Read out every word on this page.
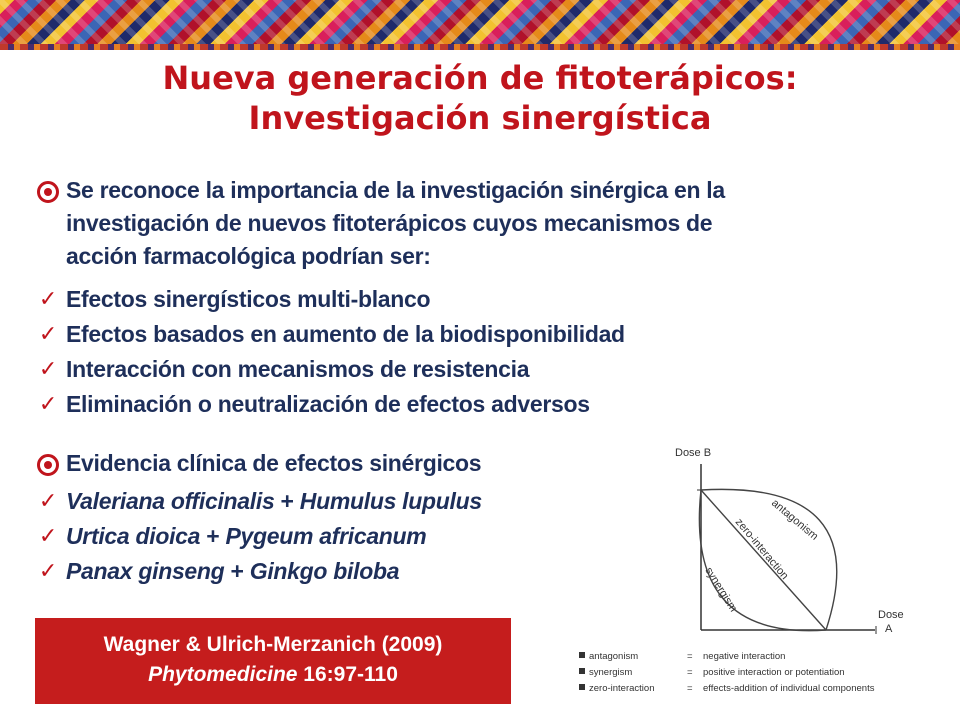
Nueva generación de fitoterápicos:
Investigación sinergística
Se reconoce la importancia de la investigación sinérgica en la
investigación de nuevos fitoterápicos cuyos mecanismos de
acción farmacológica podrían ser:
✓ Efectos sinergísticos multi-blanco
✓ Efectos basados en aumento de la biodisponibilidad
✓ Interacción con mecanismos de resistencia
✓ Eliminación o neutralización de efectos adversos
Evidencia clínica de efectos sinérgicos
✓ Valeriana officinalis + Humulus lupulus
✓ Urtica dioica + Pygeum africanum
✓ Panax ginseng + Ginkgo biloba
Wagner & Ulrich-Merzanich (2009)
Phytomedicine 16:97-110
Dose B
Dose
A
antagonism
zero-interaction
synergism
antagonism	= negative interaction
synergism	= positive interaction or potentiation
zero-interaction	= effects-addition of individual components
